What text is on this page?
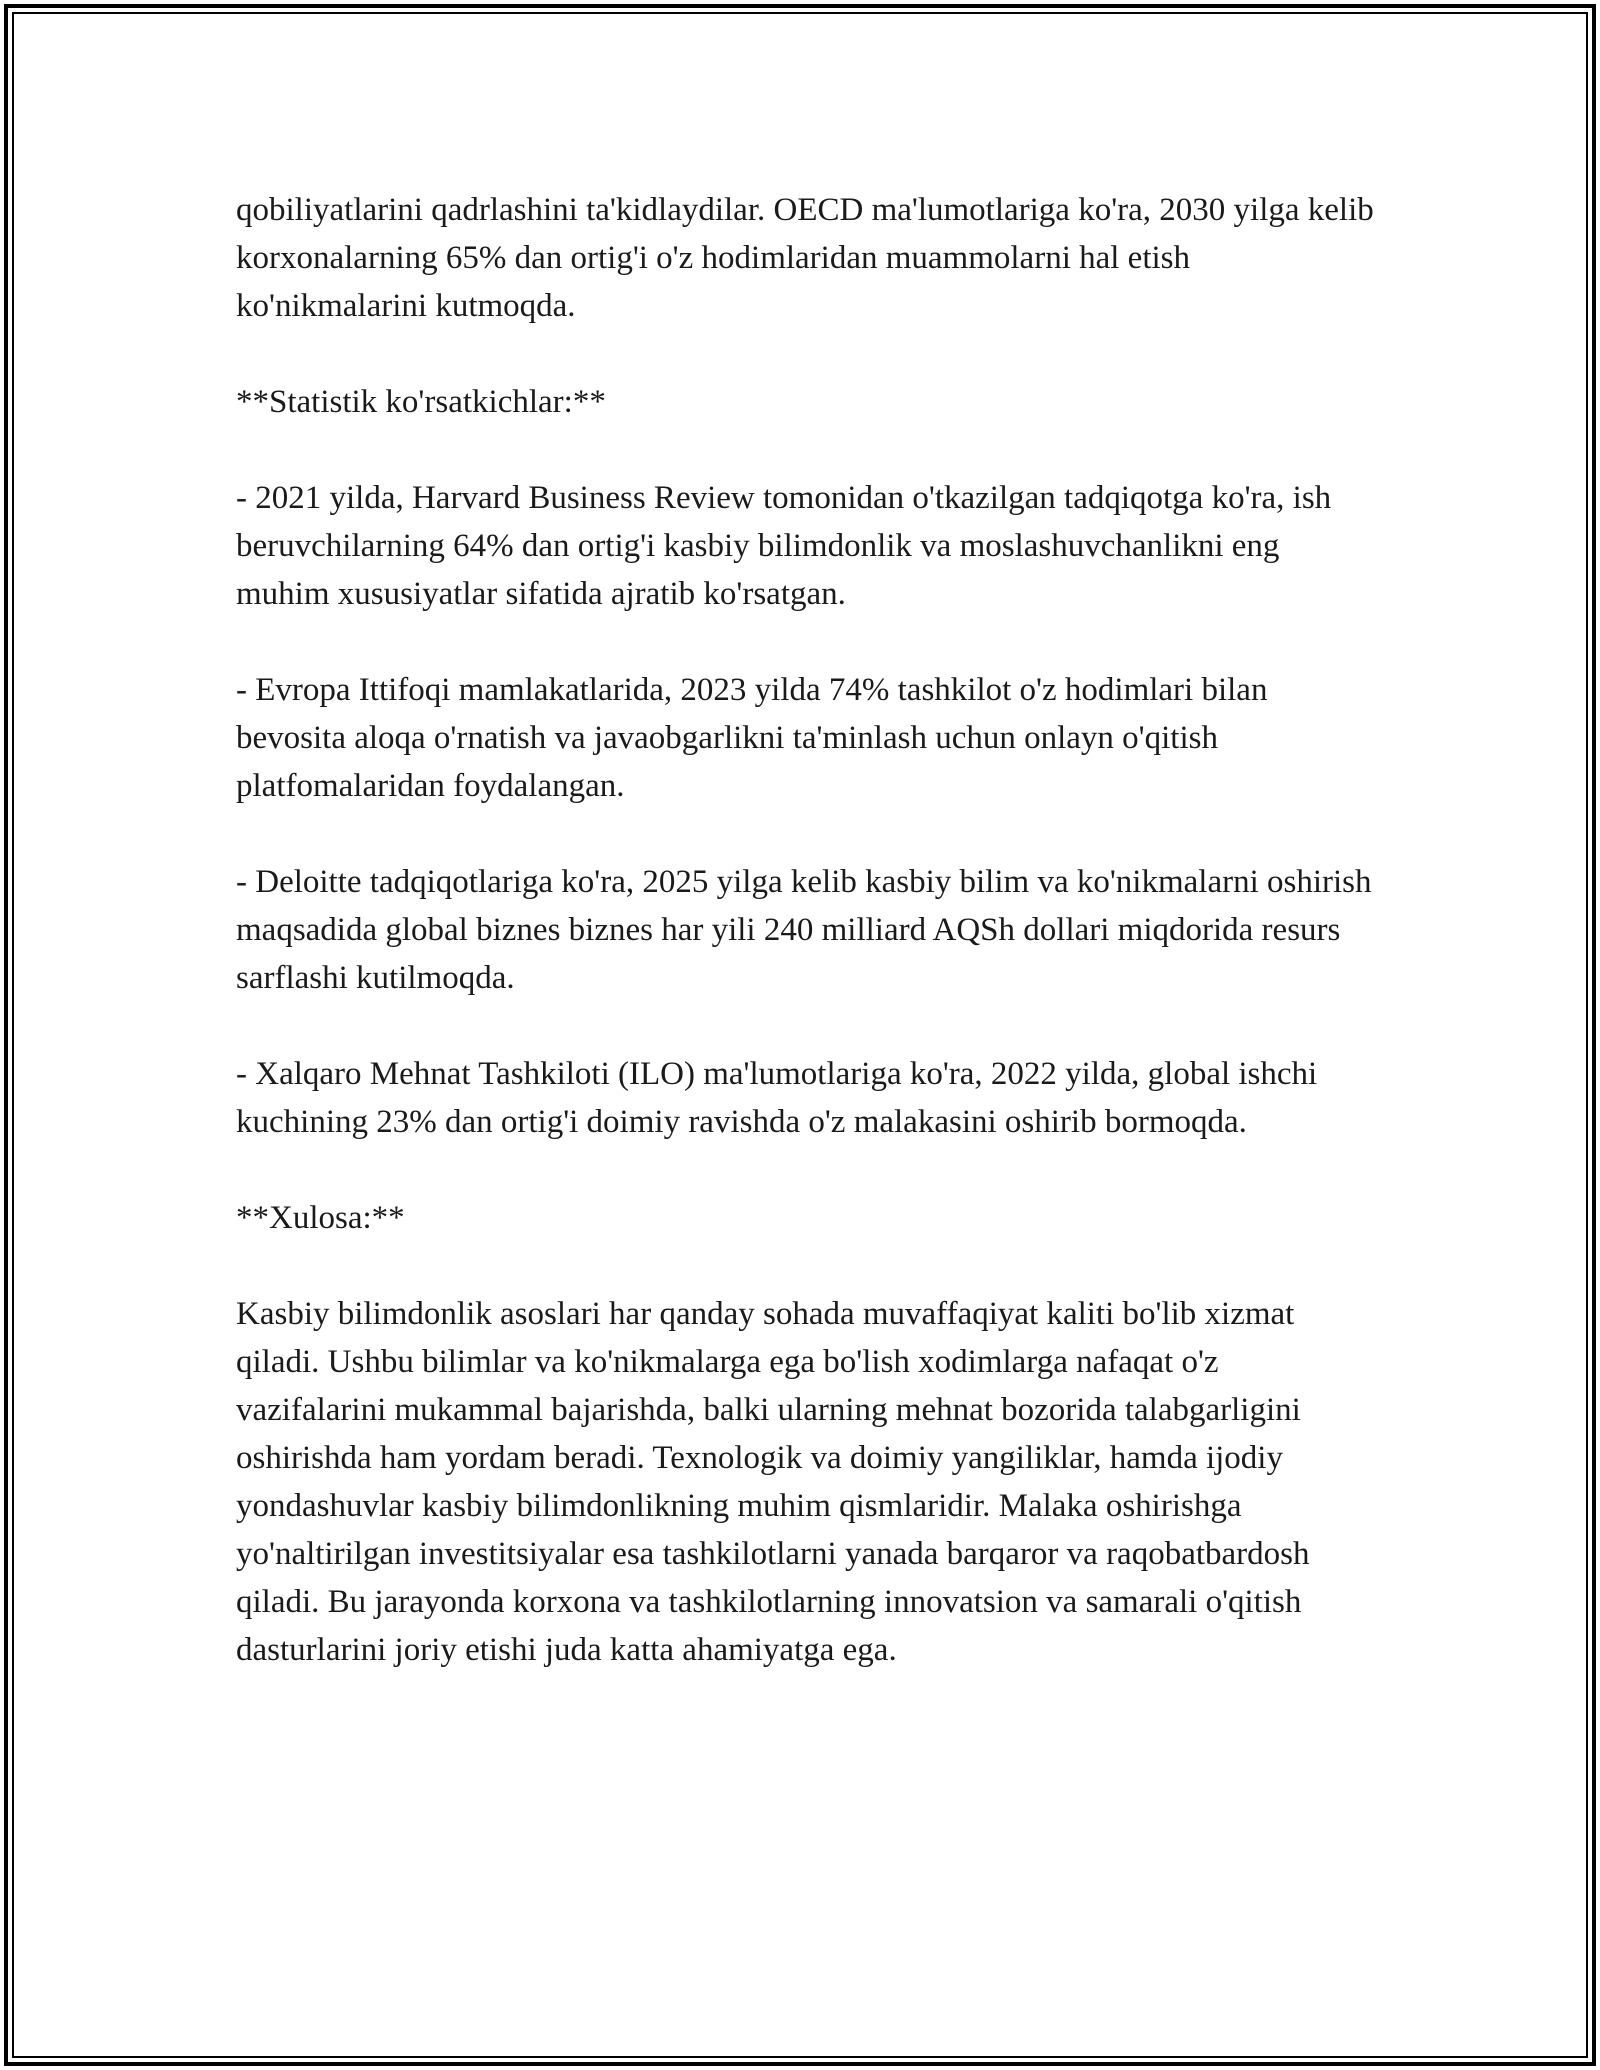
qobiliyatlarini qadrlashini ta'kidlaydilar. OECD ma'lumotlariga ko'ra, 2030 yilga kelib korxonalarning 65% dan ortig'i o'z hodimlaridan muammolarni hal etish ko'nikmalarini kutmoqda.

**Statistik ko'rsatkichlar:**

- 2021 yilda, Harvard Business Review tomonidan o'tkazilgan tadqiqotga ko'ra, ish beruvchilarning 64% dan ortig'i kasbiy bilimdonlik va moslashuvchanlikni eng muhim xususiyatlar sifatida ajratib ko'rsatgan.

- Evropa Ittifoqi mamlakatlarida, 2023 yilda 74% tashkilot o'z hodimlari bilan bevosita aloqa o'rnatish va javaobgarlikni ta'minlash uchun onlayn o'qitish platfomalaridan foydalangan.

- Deloitte tadqiqotlariga ko'ra, 2025 yilga kelib kasbiy bilim va ko'nikmalarni oshirish maqsadida global biznes biznes har yili 240 milliard AQSh dollari miqdorida resurs sarflashi kutilmoqda.

- Xalqaro Mehnat Tashkiloti (ILO) ma'lumotlariga ko'ra, 2022 yilda, global ishchi kuchining 23% dan ortig'i doimiy ravishda o'z malakasini oshirib bormoqda.

**Xulosa:**

Kasbiy bilimdonlik asoslari har qanday sohada muvaffaqiyat kaliti bo'lib xizmat qiladi. Ushbu bilimlar va ko'nikmalarga ega bo'lish xodimlarga nafaqat o'z vazifalarini mukammal bajarishda, balki ularning mehnat bozorida talabgarligini oshirishda ham yordam beradi. Texnologik va doimiy yangiliklar, hamda ijodiy yondashuvlar kasbiy bilimdonlikning muhim qismlaridir. Malaka oshirishga yo'naltirilgan investitsiyalar esa tashkilotlarni yanada barqaror va raqobatbardosh qiladi. Bu jarayonda korxona va tashkilotlarning innovatsion va samarali o'qitish dasturlarini joriy etishi juda katta ahamiyatga ega.
